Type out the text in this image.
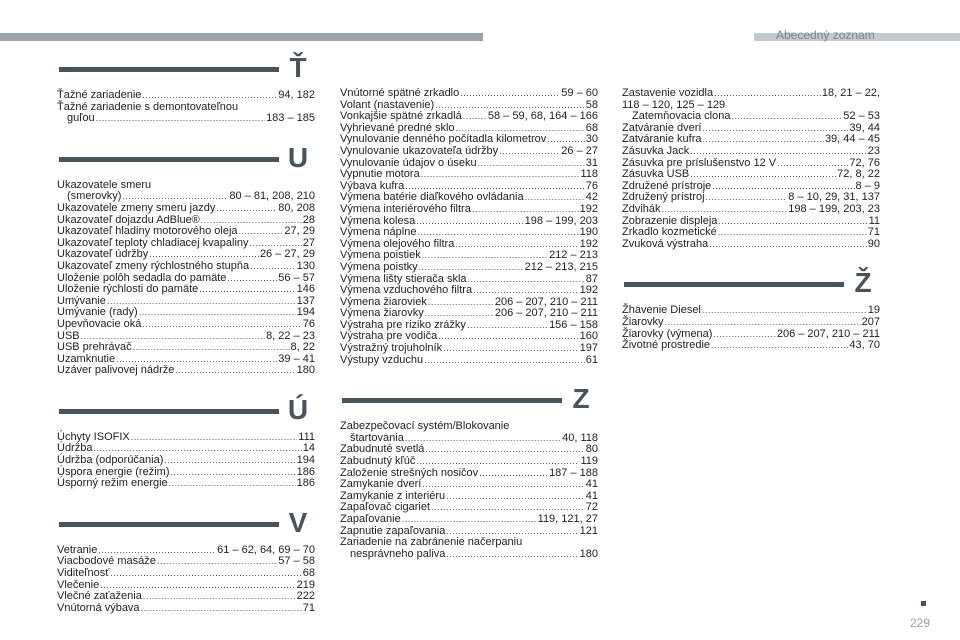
Abecedný zoznam
Ť
Ťažné zariadenie .....	94, 182
Ťažné zariadenie s demontovateľnou
guľou .....	183 – 185
U
Ukazovatele smeru
(smerovky) .....	80 – 81, 208, 210
Ukazovatele zmeny smeru jazdy .....	80, 208
Ukazovateľ dojazdu AdBlue® .....	28
Ukazovateľ hladiny motorového oleja .....	27, 29
Ukazovateľ teploty chladiacej kvapaliny .....	27
Ukazovateľ údržby .....	26 – 27, 29
Ukazovateľ zmeny rýchlostného stupňa .....	130
Uloženie polôh sedadla do pamäte .....	56 – 57
Uloženie rýchlosti do pamäte .....	146
Umývanie .....	137
Umývanie (rady) .....	194
Upevňovacie oká .....	76
USB .....	8, 22 – 23
USB prehrávač .....	8, 22
Uzamknutie .....	39 – 41
Uzáver palivovej nádrže .....	180
Ú
Úchyty ISOFIX .....	111
Údržba .....	14
Údržba (odporúčania) .....	194
Úspora energie (režim) .....	186
Úsporný režim energie .....	186
V
Vetranie .....	61 – 62, 64, 69 – 70
Viacbodové masáže .....	57 – 58
Viditeľnosť .....	68
Vlečenie .....	219
Vlečné zaťaženia .....	222
Vnútorná výbava .....	71
Vnútorné spätné zrkadlo .....	59 – 60
Volant (nastavenie) .....	58
Vonkajšie spätné zrkadlá ..... 58 – 59, 68, 164 – 166
Vyhrievané predné sklo .....	68
Vynulovanie denného počítadla kilometrov .....	30
Vynulovanie ukazovateľa údržby .....	26 – 27
Vynulovanie údajov o úseku .....	31
Vypnutie motora .....	118
Výbava kufra .....	76
Výmena batérie diaľkového ovládania .....	42
Výmena interiérového filtra .....	192
Výmena kolesa .....	198 – 199, 203
Výmena náplne .....	190
Výmena olejového filtra .....	192
Výmena poistiek .....	212 – 213
Výmena poistky .....	212 – 213, 215
Výmena lišty stierača skla .....	87
Výmena vzduchového filtra .....	192
Výmena žiaroviek .....	206 – 207, 210 – 211
Výmena žiarovky .....	206 – 207, 210 – 211
Výstraha pre riziko zrážky .....	156 – 158
Výstraha pre vodiča .....	160
Výstražný trojuholník .....	197
Výstupy vzduchu .....	61
Z
Zabezpečovací systém/Blokovanie
štartovania .....	40, 118
Zabudnuté svetlá .....	80
Zabudnutý kľúč .....	119
Založenie strešných nosičov .....	187 – 188
Zamykanie dverí .....	41
Zamykanie z interiéru .....	41
Zapaľovač cigariet .....	72
Zapaľovanie .....	119, 121, 27
Zapnutie zapaľovania .....	121
Zariadenie na zabránenie načerpaniu
nesprávneho paliva .....	180
Zastavenie vozidla .....	18, 21 – 22,
118 – 120, 125 – 129
Zatemňovacia clona .....	52 – 53
Zatváranie dverí .....	39, 44
Zatváranie kufra .....	39, 44 – 45
Zásuvka Jack .....	23
Zásuvka pre príslušenstvo 12 V .....	72, 76
Zásuvka USB .....	72, 8, 22
Združené prístroje .....	8 – 9
Združený prístroj .....	8 – 10, 29, 31, 137
Zdvihák .....	198 – 199, 203, 23
Zobrazenie displeja .....	11
Zrkadlo kozmetické .....	71
Zvuková výstraha .....	90
Ž
Žhavenie Diesel .....	19
Žiarovky .....	207
Žiarovky (výmena) .....	206 – 207, 210 – 211
Životné prostredie .....	43, 70
229
